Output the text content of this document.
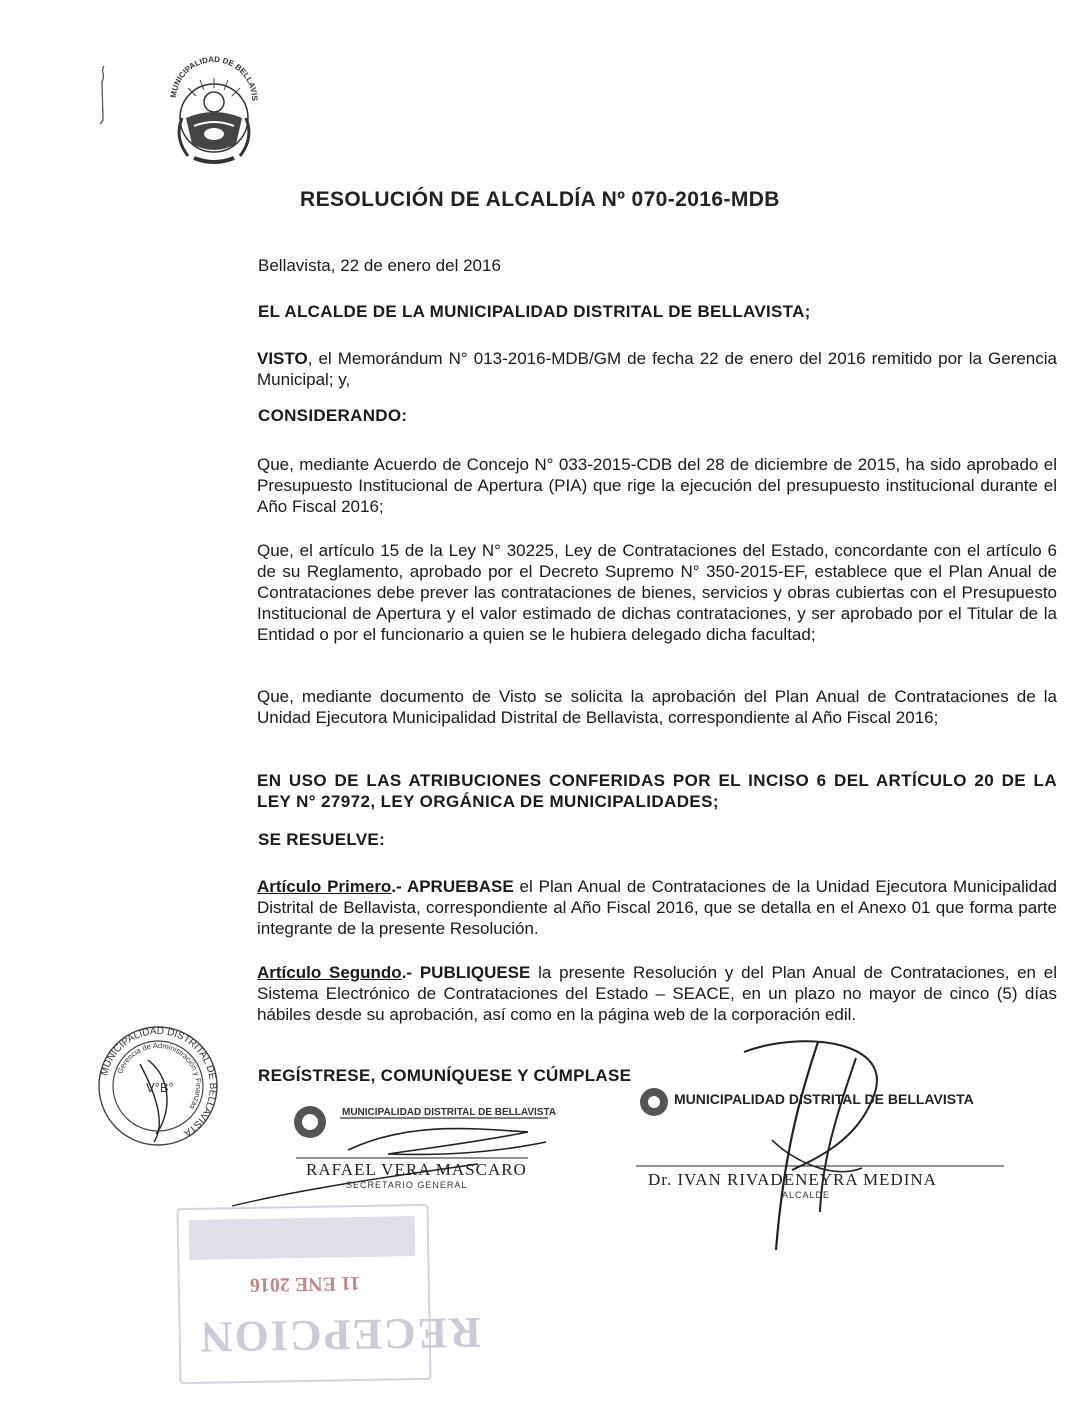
MUNICIPALIDAD DE BELLAVIS
RESOLUCIÓN DE ALCALDÍA Nº 070-2016-MDB
Bellavista, 22 de enero del 2016
EL ALCALDE DE LA MUNICIPALIDAD DISTRITAL DE BELLAVISTA;
VISTO, el Memorándum N° 013-2016-MDB/GM de fecha 22 de enero del 2016 remitido por la Gerencia Municipal; y,
CONSIDERANDO:
Que, mediante Acuerdo de Concejo N° 033-2015-CDB del 28 de diciembre de 2015, ha sido aprobado el Presupuesto Institucional de Apertura (PIA) que rige la ejecución del presupuesto institucional durante el Año Fiscal 2016;
Que, el artículo 15 de la Ley N° 30225, Ley de Contrataciones del Estado, concordante con el artículo 6 de su Reglamento, aprobado por el Decreto Supremo N° 350-2015-EF, establece que el Plan Anual de Contrataciones debe prever las contrataciones de bienes, servicios y obras cubiertas con el Presupuesto Institucional de Apertura y el valor estimado de dichas contrataciones, y ser aprobado por el Titular de la Entidad o por el funcionario a quien se le hubiera delegado dicha facultad;
Que, mediante documento de Visto se solicita la aprobación del Plan Anual de Contrataciones de la Unidad Ejecutora Municipalidad Distrital de Bellavista, correspondiente al Año Fiscal 2016;
EN USO DE LAS ATRIBUCIONES CONFERIDAS POR EL INCISO 6 DEL ARTÍCULO 20 DE LA LEY N° 27972, LEY ORGÁNICA DE MUNICIPALIDADES;
SE RESUELVE:
Artículo Primero.- APRUEBASE el Plan Anual de Contrataciones de la Unidad Ejecutora Municipalidad Distrital de Bellavista, correspondiente al Año Fiscal 2016, que se detalla en el Anexo 01 que forma parte integrante de la presente Resolución.
Artículo Segundo.- PUBLIQUESE la presente Resolución y del Plan Anual de Contrataciones, en el Sistema Electrónico de Contrataciones del Estado – SEACE, en un plazo no mayor de cinco (5) días hábiles desde su aprobación, así como en la página web de la corporación edil.
REGÍSTRESE, COMUNÍQUESE Y CÚMPLASE
MUNICIPALIDAD DISTRITAL DE BELLAVISTA
Gerencia de Administración y Finanzas
V°B°
MUNICIPALIDAD DISTRITAL DE BELLAVISTA
RAFAEL VERA MASCARO
SECRETARIO GENERAL
MUNICIPALIDAD DISTRITAL DE BELLAVISTA
Dr. IVAN RIVADENEYRA MEDINA
ALCALDE
11 ENE 2016
RECEPCION
